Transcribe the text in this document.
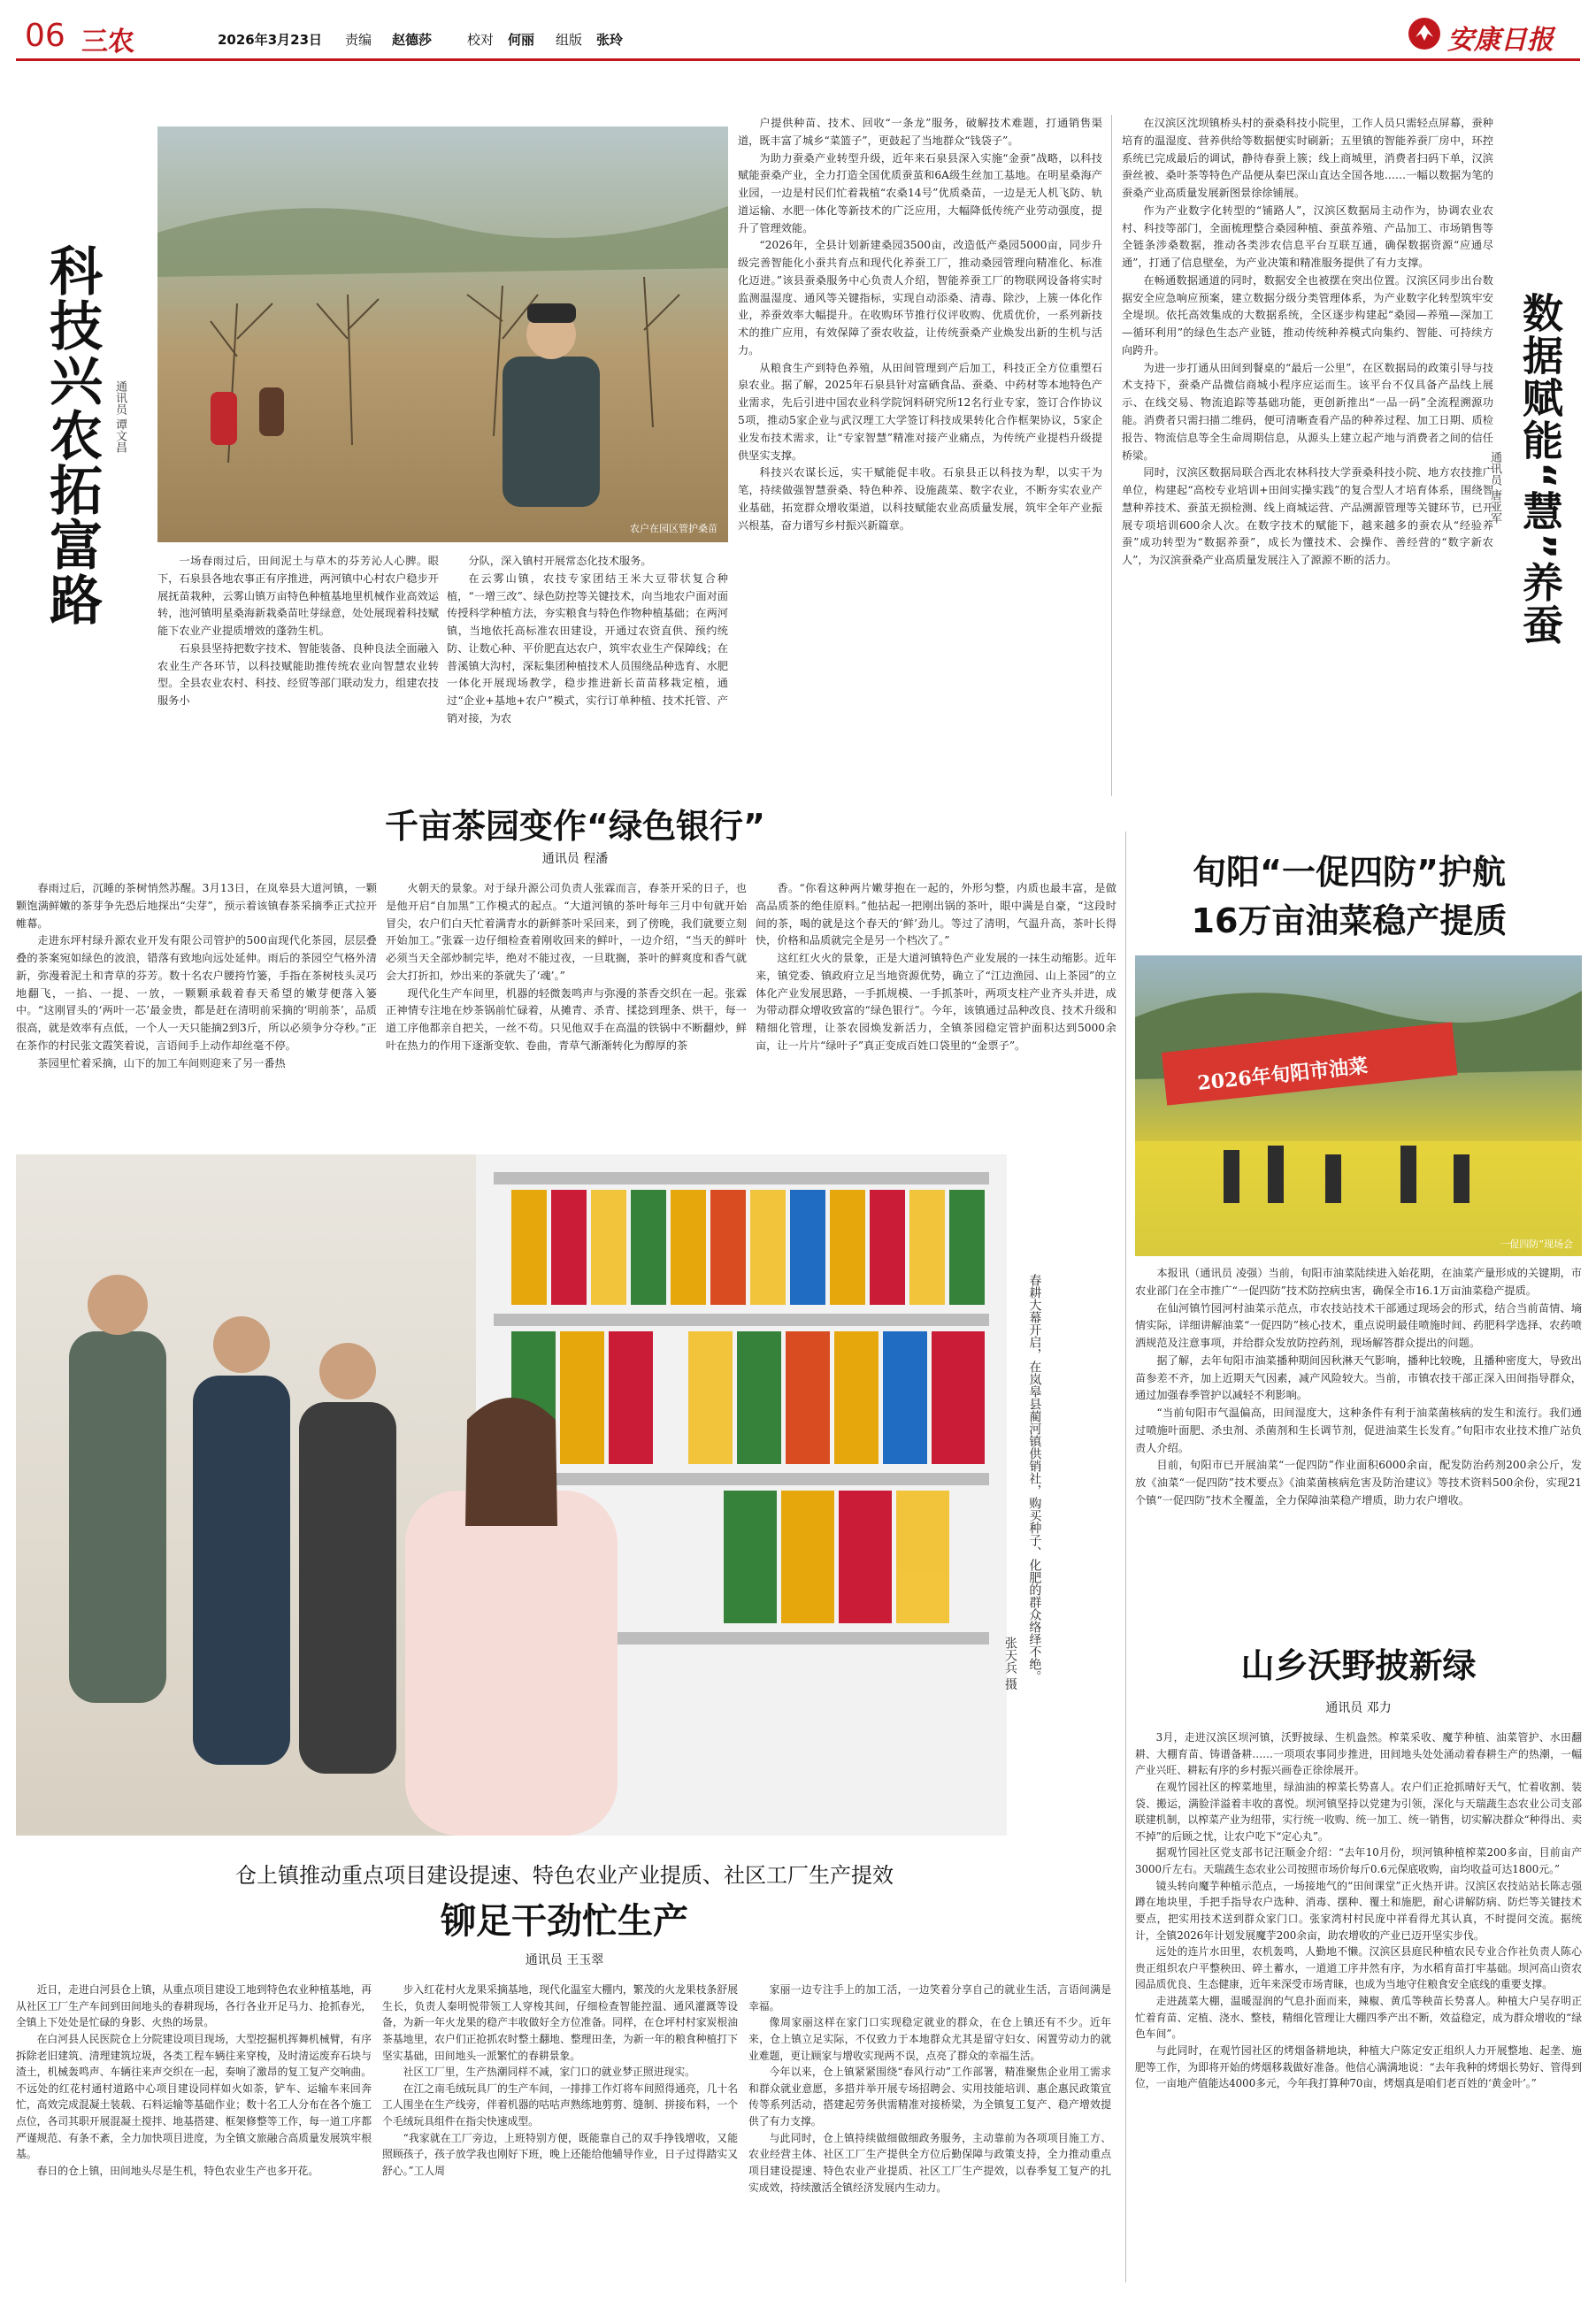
06 三农	2026年3月23日 责编 赵德莎	校对 何丽 组版 张玲	安康日报
科技兴农拓富路 通讯员 谭文昌
农户在园区管护桑苗

一场春雨过后，田间泥土与草木的芬芳沁人心脾。眼下，石泉县各地农事正有序推进，两河镇中心村农户稳步开展抚苗栽种，云雾山镇万亩特色种植基地里机械作业高效运转，池河镇明星桑海新栽桑苗吐芽绿意，处处展现着科技赋能下农业产业提质增效的蓬勃生机。

石泉县坚持把数字技术、智能装备、良种良法全面融入农业生产各环节，以科技赋能助推传统农业向智慧农业转型。全县农业农村、科技、经贸等部门联动发力，组建农技服务小

分队，深入镇村开展常态化技术服务。

在云雾山镇，农技专家团结王米大豆带状复合种植，“一增三改”、绿色防控等关键技术，向当地农户面对面传授科学种植方法，夯实粮食与特色作物种植基础；在两河镇，当地依托高标准农田建设，开通过农资直供、预约统防、让数心种、平价肥直达农户，筑牢农业生产保障线；在普溪镇大沟村，深耘集团种植技术人员围绕品种选育、水肥一体化开展现场教学，稳步推进新长苗苗移栽定植，通过“企业+基地+农户”模式，实行订单种植、技术托管、产销对接，为农

户提供种苗、技术、回收“一条龙”服务，破解技术难题，打通销售渠道，既丰富了城乡“菜篮子”，更鼓起了当地群众“钱袋子”。

为助力蚕桑产业转型升级，近年来石泉县深入实施“金蚕”战略，以科技赋能蚕桑产业，全力打造全国优质蚕茧和6A级生丝加工基地。在明星桑海产业园，一边是村民们忙着栽植“农桑14号”优质桑苗，一边是无人机飞防、轨道运输、水肥一体化等新技术的广泛应用，大幅降低传统产业劳动强度，提升了管理效能。

“2026年，全县计划新建桑园3500亩，改造低产桑园5000亩，同步升级完善智能化小蚕共育点和现代化养蚕工厂，推动桑园管理向精准化、标准化迈进。”该县蚕桑服务中心负责人介绍，智能养蚕工厂的物联网设备将实时监测温湿度、通风等关键指标，实现自动添桑、清毒、除沙，上簇一体化作业，养蚕效率大幅提升。在收购环节推行仪评收购、优质优价，一系列新技术的推广应用，有效保障了蚕农收益，让传统蚕桑产业焕发出新的生机与活力。

从粮食生产到特色养殖，从田间管理到产后加工，科技正全方位重塑石泉农业。据了解，2025年石泉县针对富硒食品、蚕桑、中药材等本地特色产业需求，先后引进中国农业科学院饲料研究所12名行业专家，签订合作协议5项，推动5家企业与武汉理工大学签订科技成果转化合作框架协议，5家企业发布技术需求，让“专家智慧”精准对接产业痛点，为传统产业提档升级提供坚实支撑。

科技兴农谋长远，实干赋能促丰收。石泉县正以科技为犁，以实干为笔，持续做强智慧蚕桑、特色种养、设施蔬菜、数字农业，不断夯实农业产业基础，拓宽群众增收渠道，以科技赋能农业高质量发展，筑牢全年产业振兴根基，奋力谱写乡村振兴新篇章。

在汉滨区沈坝镇桥头村的蚕桑科技小院里，工作人员只需轻点屏幕，蚕种培育的温湿度、营养供给等数据便实时刷新；五里镇的智能养蚕厂房中，环控系统已完成最后的调试，静待春蚕上簇；线上商城里，消费者扫码下单，汉滨蚕丝被、桑叶茶等特色产品便从秦巴深山直达全国各地……一幅以数据为笔的蚕桑产业高质量发展新图景徐徐铺展。

作为产业数字化转型的“铺路人”，汉滨区数据局主动作为，协调农业农村、科技等部门，全面梳理整合桑园种植、蚕茧养殖、产品加工、市场销售等全链条涉桑数据，推动各类涉农信息平台互联互通，确保数据资源“应通尽通”，打通了信息壁垒，为产业决策和精准服务提供了有力支撑。

在畅通数据通道的同时，数据安全也被摆在突出位置。汉滨区同步出台数据安全应急响应预案，建立数据分级分类管理体系，为产业数字化转型筑牢安全堤坝。依托高效集成的大数据系统，全区逐步构建起“桑园—养殖—深加工—循环利用”的绿色生态产业链，推动传统种养模式向集约、智能、可持续方向跨升。

为进一步打通从田间到餐桌的“最后一公里”，在区数据局的政策引导与技术支持下，蚕桑产品微信商城小程序应运而生。该平台不仅具备产品线上展示、在线交易、物流追踪等基础功能，更创新推出“一品一码”全流程溯源功能。消费者只需扫描二维码，便可清晰查看产品的种养过程、加工日期、质检报告、物流信息等全生命周期信息，从源头上建立起产地与消费者之间的信任桥梁。

同时，汉滨区数据局联合西北农林科技大学蚕桑科技小院、地方农技推广单位，构建起“高校专业培训+田间实操实践”的复合型人才培育体系，围绕智慧种养技术、蚕茧无损检测、线上商城运营、产品溯源管理等关键环节，已开展专项培训600余人次。在数字技术的赋能下，越来越多的蚕农从“经验养蚕”成功转型为“数据养蚕”，成长为懂技术、会操作、善经营的“数字新农人”，为汉滨蚕桑产业高质量发展注入了源源不断的活力。	数据赋能“慧”养蚕
通讯员 唐亚军
千亩茶园变作“绿色银行”
通讯员 程潘

春雨过后，沉睡的茶树悄然苏醒。3月13日，在岚皋县大道河镇，一颗颗饱满鲜嫩的茶芽争先恐后地探出“尖芽”，预示着该镇春茶采摘季正式拉开帷幕。

走进东坪村绿升源农业开发有限公司管护的500亩现代化茶园，层层叠叠的茶案宛如绿色的波浪，错落有致地向远处延伸。雨后的茶园空气格外清新，弥漫着泥土和青草的芬芳。数十名农户腰挎竹篓，手指在茶树枝头灵巧地翻飞，一掐、一提、一放，一颗颗承载着春天希望的嫩芽便落入篓中。“这刚冒头的‘两叶一芯’最金贵，都是赶在清明前采摘的‘明前茶’，品质很高，就是效率有点低，一个人一天只能摘2到3斤，所以必须争分夺秒。”正在茶作的村民张文霞笑着说，言语间手上动作却丝毫不停。

茶园里忙着采摘，山下的加工车间则迎来了另一番热

火朝天的景象。对于绿升源公司负责人张霖而言，春茶开采的日子，也是他开启“自加黑”工作模式的起点。“大道河镇的茶叶每年三月中旬就开始冒尖，农户们白天忙着满青水的新鲜茶叶采回来，到了傍晚，我们就要立刻开始加工。”张霖一边仔细检查着刚收回来的鲜叶，一边介绍，“当天的鲜叶必须当天全部炒制完毕，绝对不能过夜，一旦耽搁，茶叶的鲜爽度和香气就会大打折扣，炒出来的茶就失了‘魂’。”

现代化生产车间里，机器的轻微轰鸣声与弥漫的茶香交织在一起。张霖正神情专注地在炒茶锅前忙碌着，从摊青、杀青、揉捻到理条、烘干，每一道工序他都亲自把关，一丝不苟。只见他双手在高温的铁锅中不断翻炒，鲜叶在热力的作用下逐渐变软、卷曲，青草气渐渐转化为醇厚的茶

香。“你看这种两片嫩芽抱在一起的，外形匀整，内质也最丰富，是做高品质茶的绝佳原料。”他拈起一把刚出锅的茶叶，眼中满是自豪，“这段时间的茶，喝的就是这个春天的‘鲜’劲儿。等过了清明，气温升高，茶叶长得快，价格和品质就完全是另一个档次了。”

这红红火火的景象，正是大道河镇特色产业发展的一抹生动缩影。近年来，镇党委、镇政府立足当地资源优势，确立了“江边渔园、山上茶园”的立体化产业发展思路，一手抓规模、一手抓茶叶，两项支柱产业齐头并进，成为带动群众增收致富的“绿色银行”。今年，该镇通过品种改良、技术升级和精细化管理，让茶农园焕发新活力，全镇茶园稳定管护面积达到5000余亩，让一片片“绿叶子”真正变成百姓口袋里的“金票子”。

春耕大幕开启，在岚皋县蔺河镇供销社，购买种子、化肥的群众络绎不绝。
张天兵 摄
旬阳“一促四防”护航
16万亩油菜稳产提质
2026年旬阳市油菜
一促四防”现场会

本报讯（通讯员 凌强）当前，旬阳市油菜陆续进入始花期，在油菜产量形成的关键期，市农业部门在全市推广“一促四防”技术防控病虫害，确保全市16.1万亩油菜稳产提质。

在仙河镇竹园河村油菜示范点，市农技站技术干部通过现场会的形式，结合当前苗情、墒情实际，详细讲解油菜“一促四防”核心技术，重点说明最佳喷施时间、药肥科学选择、农药喷洒规范及注意事项，并给群众发放防控药剂，现场解答群众提出的问题。

据了解，去年旬阳市油菜播种期间因秋淋天气影响，播种比较晚，且播种密度大，导致出苗参差不齐，加上近期天气因素，减产风险较大。当前，市镇农技干部正深入田间指导群众，通过加强春季管护以减轻不利影响。

“当前旬阳市气温偏高，田间湿度大，这种条件有利于油菜菌核病的发生和流行。我们通过喷施叶面肥、杀虫剂、杀菌剂和生长调节剂，促进油菜生长发育。”旬阳市农业技术推广站负责人介绍。

目前，旬阳市已开展油菜“一促四防”作业面积6000余亩，配发防治药剂200余公斤，发放《油菜“一促四防”技术要点》《油菜菌核病危害及防治建议》等技术资料500余份，实现21个镇“一促四防”技术全覆盖，全力保障油菜稳产增质，助力农户增收。

山乡沃野披新绿
通讯员 邓力

3月，走进汉滨区坝河镇，沃野披绿、生机盎然。榨菜采收、魔芋种植、油菜管护、水田翻耕、大棚育苗、铸谱备耕……一项项农事同步推进，田间地头处处涌动着春耕生产的热潮，一幅产业兴旺、耕耘有序的乡村振兴画卷正徐徐展开。

在观竹园社区的榨菜地里，绿油油的榨菜长势喜人。农户们正抢抓晴好天气，忙着收割、装袋、搬运，满脸洋溢着丰收的喜悦。坝河镇坚持以党建为引领，深化与天瑞蔬生态农业公司支部联建机制，以榨菜产业为纽带，实行统一收购、统一加工、统一销售，切实解决群众“种得出、卖不掉”的后顾之忧，让农户吃下“定心丸”。

据观竹园社区党支部书记汪顺金介绍：“去年10月份，坝河镇种植榨菜200多亩，目前亩产3000斤左右。天瑞蔬生态农业公司按照市场价每斤0.6元保底收购，亩均收益可达1800元。”

镜头转向魔芋种植示范点，一场接地气的“田间课堂”正火热开讲。汉滨区农技站站长陈志强蹲在地块里，手把手指导农户选种、消毒、摆种、覆土和施肥，耐心讲解防病、防烂等关键技术要点，把实用技术送到群众家门口。张家湾村村民庞中祥看得尤其认真，不时提问交流。据统计，全镇2026年计划发展魔芋200余亩，助农增收的产业已迈开坚实步伐。

远处的连片水田里，农机轰鸣，人勤地不懒。汉滨区县庭民种植农民专业合作社负责人陈心贵正组织农户平整秧田、碎土蓄水，一道道工序井然有序，为水稻育苗打牢基础。坝河高山资农园品质优良、生态健康，近年来深受市场青睐，也成为当地守住粮食安全底线的重要支撑。

走进蔬菜大棚，温暖湿润的气息扑面而来，辣椒、黄瓜等秧苗长势喜人。种植大户吴存明正忙着育苗、定植、浇水、整枝，精细化管理让大棚四季产出不断，效益稳定，成为群众增收的“绿色车间”。

与此同时，在观竹园社区的烤烟备耕地块，种植大户陈定安正组织人力开展整地、起垄、施肥等工作，为即将开始的烤烟移栽做好准备。他信心满满地说：“去年我种的烤烟长势好、管得到位，一亩地产值能达4000多元，今年我打算种70亩，烤烟真是咱们老百姓的‘黄金叶’。”

仓上镇推动重点项目建设提速、特色农业产业提质、社区工厂生产提效
铆足干劲忙生产
通讯员 王玉翠

近日，走进白河县仓上镇，从重点项目建设工地到特色农业种植基地，再从社区工厂生产车间到田间地头的春耕现场，各行各业开足马力、抢抓春光，全镇上下处处是忙碌的身影、火热的场景。

在白河县人民医院仓上分院建设项目现场，大型挖掘机挥舞机械臂，有序拆除老旧建筑、清理建筑垃圾，各类工程车辆往来穿梭，及时清运废弃石块与渣土，机械轰鸣声、车辆往来声交织在一起，奏响了激昂的复工复产交响曲。不远处的红花村通村道路中心项目建设同样如火如荼，铲车、运输车来回奔忙，高效完成混凝土装载、石料运输等基础作业；数十名工人分布在各个施工点位，各司其职开展混凝土搅拌、地基搭建、框架修整等工作，每一道工序都严谨规范、有条不紊，全力加快项目进度，为全镇文旅融合高质量发展筑牢根基。

春日的仓上镇，田间地头尽是生机，特色农业生产也多开花。

步入红花村火龙果采摘基地，现代化温室大棚内，繁茂的火龙果枝条舒展生长，负责人秦明悦带领工人穿梭其间，仔细检查智能控温、通风灌溉等设备，为新一年火龙果的稳产丰收做好全方位准备。同样，在仓坪村村家炭根油茶基地里，农户们正抢抓农时整土翻地、整理田垄，为新一年的粮食种植打下坚实基础，田间地头一派繁忙的春耕景象。

社区工厂里，生产热潮同样不减，家门口的就业梦正照进现实。

在江之南毛绒玩具厂的生产车间，一排排工作灯将车间照得通亮，几十名工人围坐在生产线旁，伴着机器的咕咕声熟练地剪剪、缝制、拼接布料，一个个毛绒玩具组件在指尖快速成型。

“我家就在工厂旁边，上班特别方便，既能靠自己的双手挣钱增收，又能照顾孩子，孩子放学我也刚好下班，晚上还能给他辅导作业，日子过得踏实又舒心。”工人周

家丽一边专注手上的加工活，一边笑着分享自己的就业生活，言语间满是幸福。

像周家丽这样在家门口实现稳定就业的群众，在仓上镇还有不少。近年来，仓上镇立足实际，不仅致力于本地群众尤其是留守妇女、闲置劳动力的就业难题，更让顾家与增收实现两不误，点亮了群众的幸福生活。

今年以来，仓上镇紧紧围绕“春风行动”工作部署，精准聚焦企业用工需求和群众就业意愿，多措并举开展专场招聘会、实用技能培训、惠企惠民政策宣传等系列活动，搭建起劳务供需精准对接桥梁，为全镇复工复产、稳产增效提供了有力支撑。

与此同时，仓上镇持续做细做细政务服务，主动靠前为各项项目施工方、农业经营主体、社区工厂生产提供全方位后勤保障与政策支持，全力推动重点项目建设提速、特色农业产业提质、社区工厂生产提效，以春季复工复产的扎实成效，持续激活全镇经济发展内生动力。
